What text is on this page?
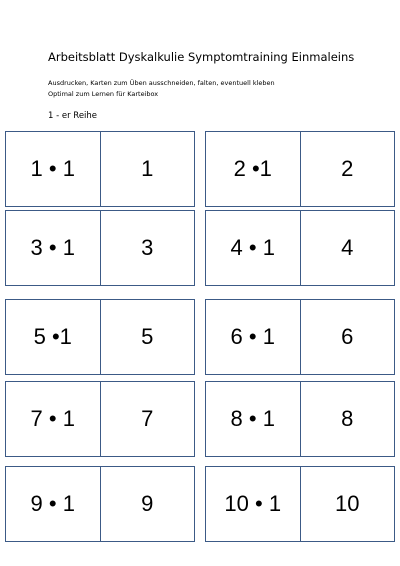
Arbeitsblatt Dyskalkulie Symptomtraining Einmaleins
Ausdrucken, Karten zum Üben ausschneiden, falten, eventuell kleben
Optimal zum Lernen für Karteibox
1 - er Reihe
1 • 1	1	2 •1	2
3 • 1	3	4 • 1	4
5 •1	5	6 • 1	6
7 • 1	7	8 • 1	8
9 • 1	9	10 • 1	10
